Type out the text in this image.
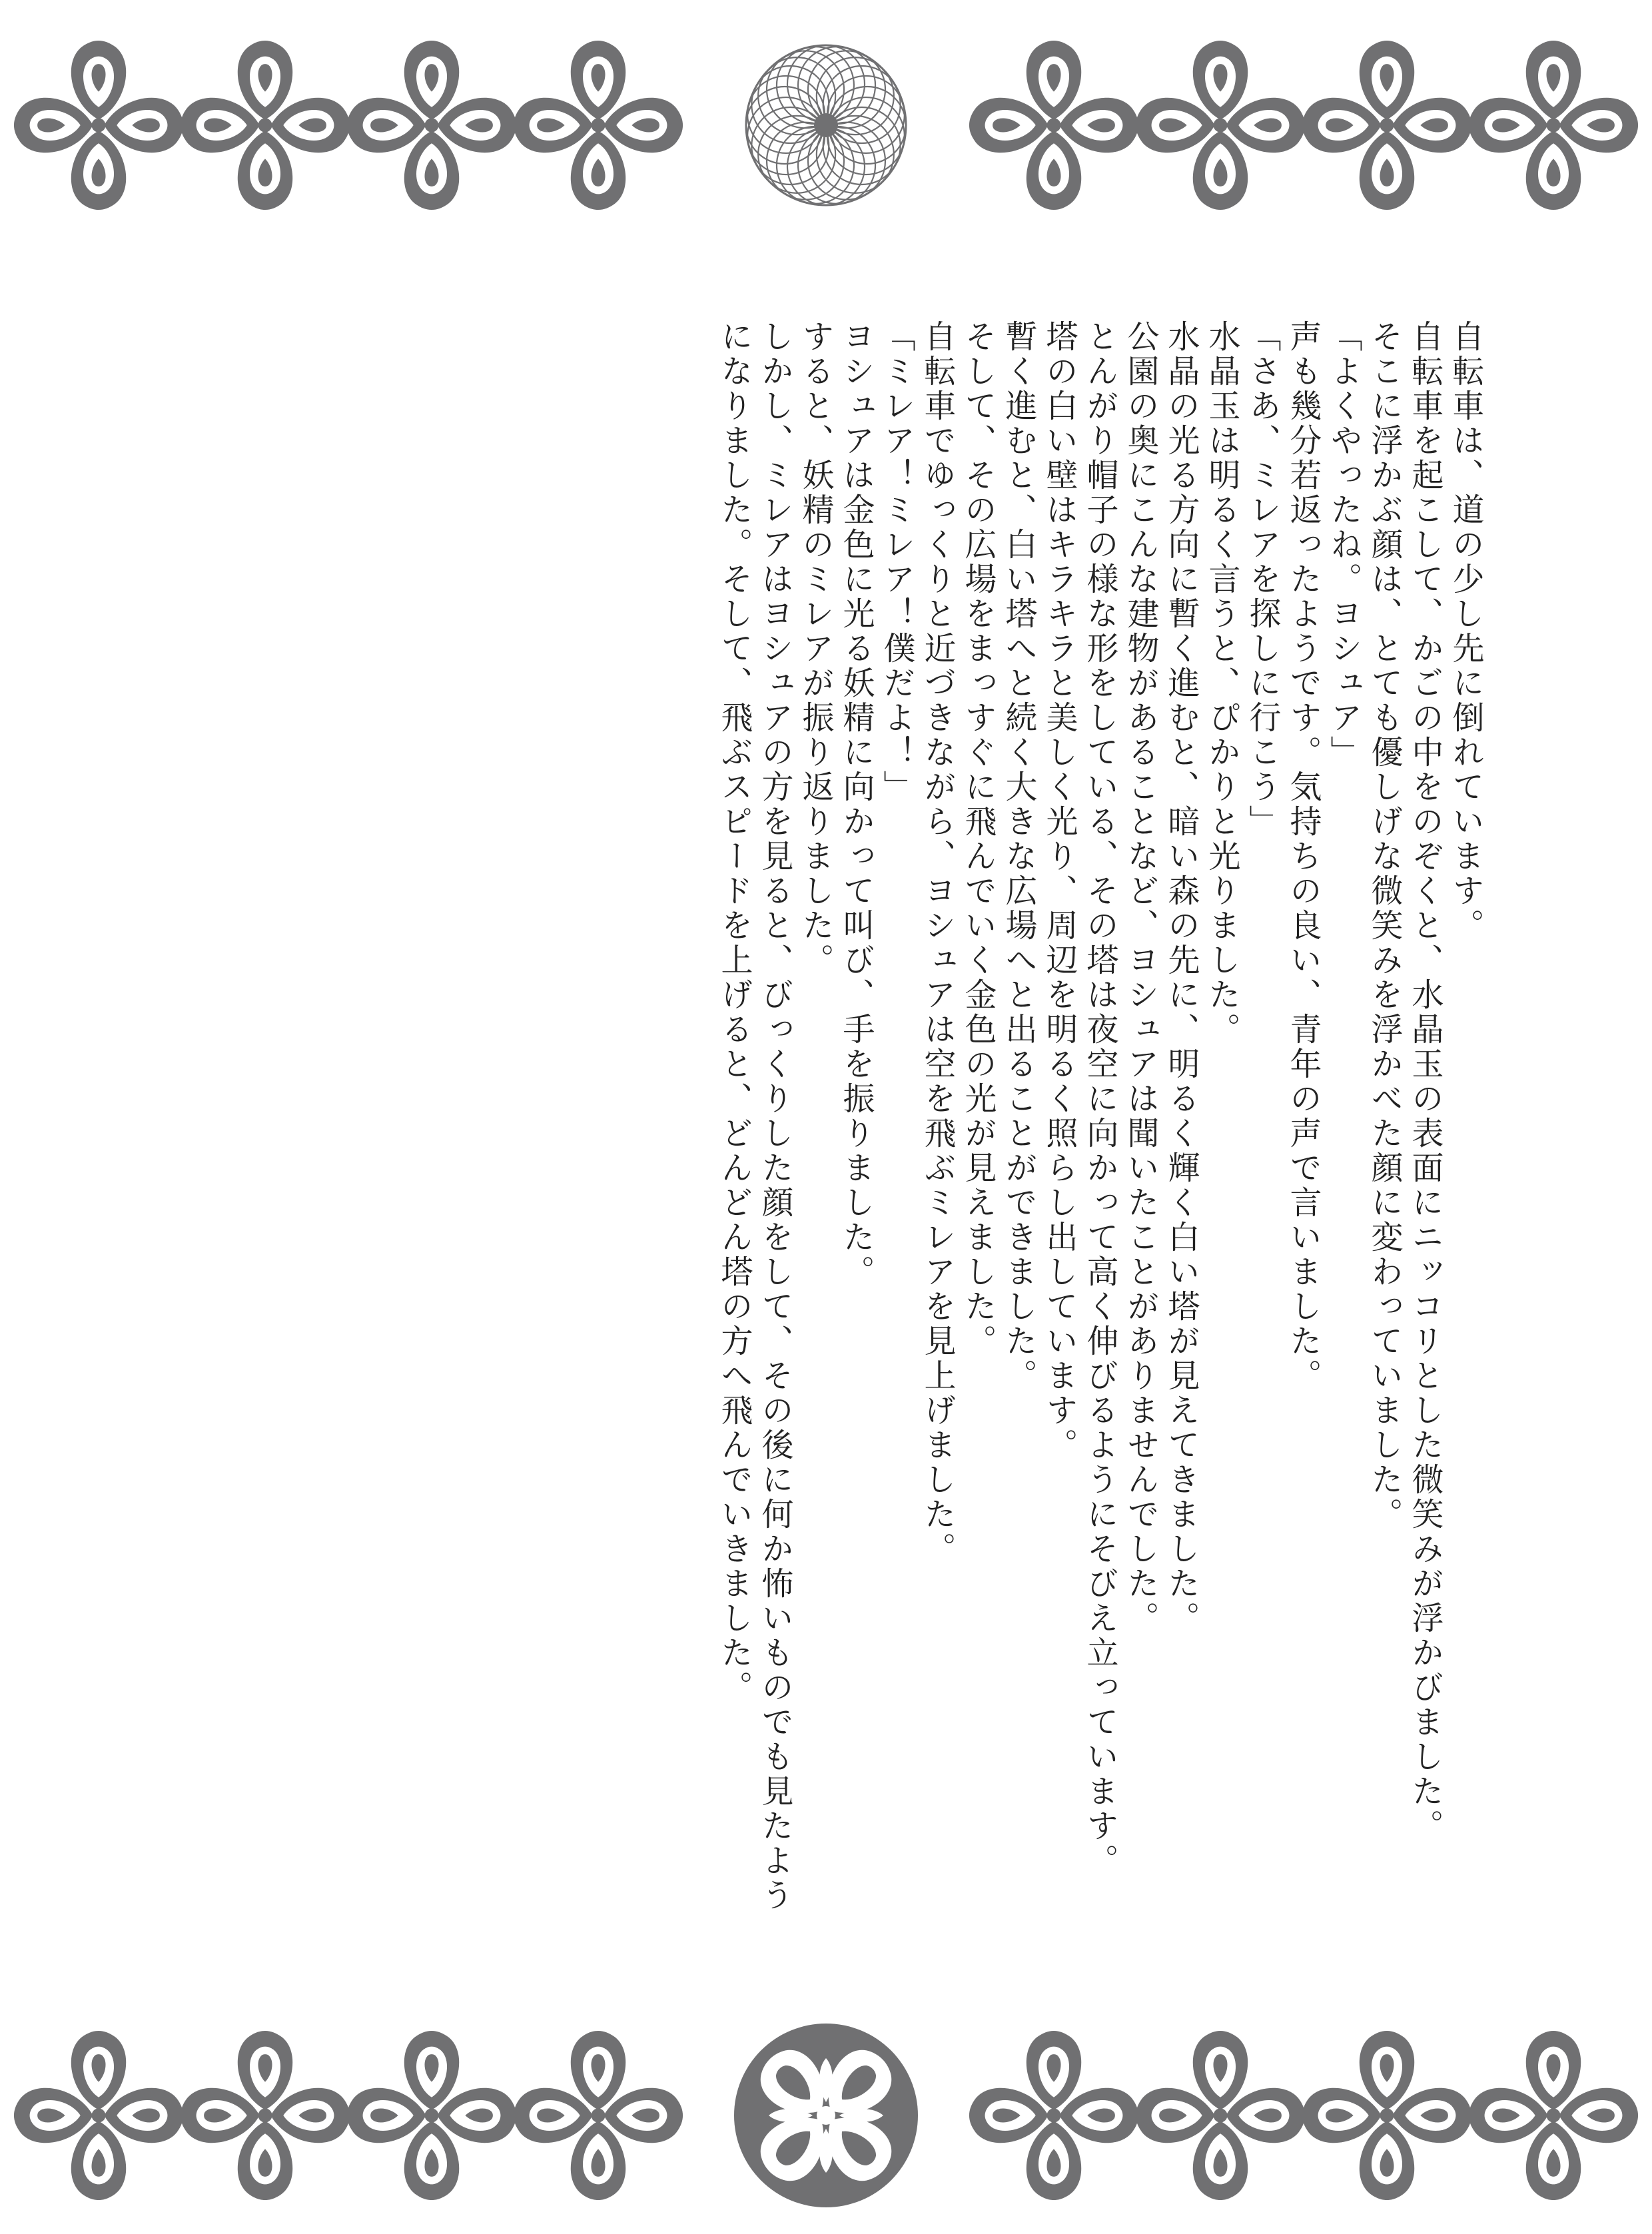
自転車は、道の少し先に倒れています。

自転車を起こして、かごの中をのぞくと、水晶玉の表面にニッコリとした微笑みが浮かびました。

そこに浮かぶ顔は、とても優しげな微笑みを浮かべた顔に変わっていました。

「よくやったね。ヨシュア」

声も幾分若返ったようです。気持ちの良い、青年の声で言いました。

「さあ、ミレアを探しに行こう」

水晶玉は明るく言うと、ぴかりと光りました。

水晶の光る方向に暫く進むと、暗い森の先に、明るく輝く白い塔が見えてきました。

公園の奥にこんな建物があることなど、ヨシュアは聞いたことがありませんでした。

とんがり帽子の様な形をしている、その塔は夜空に向かって高く伸びるようにそびえ立っています。

塔の白い壁はキラキラと美しく光り、周辺を明るく照らし出しています。

暫く進むと、白い塔へと続く大きな広場へと出ることができました。

そして、その広場をまっすぐに飛んでいく金色の光が見えました。

自転車でゆっくりと近づきながら、ヨシュアは空を飛ぶミレアを見上げました。

「ミレア！ミレア！僕だよ！」

ヨシュアは金色に光る妖精に向かって叫び、手を振りました。

すると、妖精のミレアが振り返りました。

しかし、ミレアはヨシュアの方を見ると、びっくりした顔をして、その後に何か怖いものでも見たようになりました。そして、飛ぶスピードを上げると、どんどん塔の方へ飛んでいきました。
